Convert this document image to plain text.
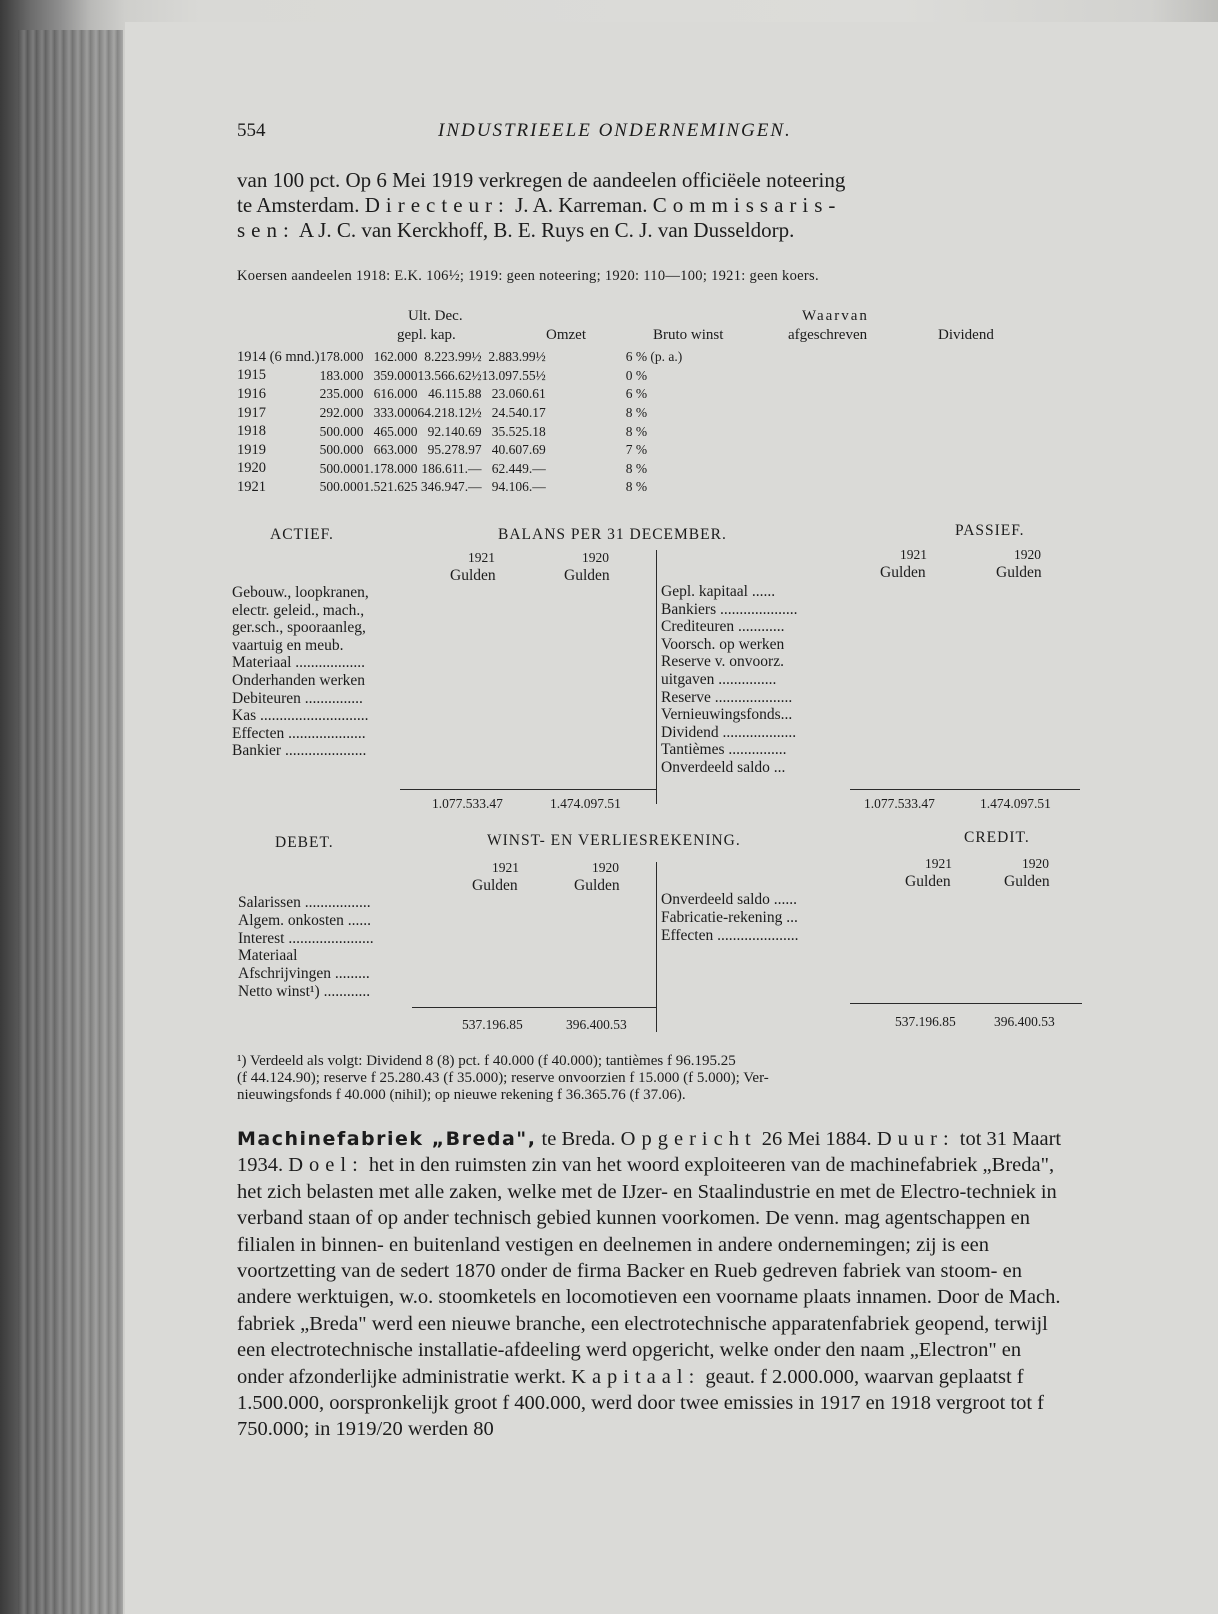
554	INDUSTRIEELE ONDERNEMINGEN.
van 100 pct. Op 6 Mei 1919 verkregen de aandeelen officiëele noteering
te Amsterdam. Directeur: J. A. Karreman. Commissaris-
sen: A J. C. van Kerckhoff, B. E. Ruys en C. J. van Dusseldorp.
Koersen aandeelen 1918: E.K. 106½; 1919: geen noteering; 1920: 110—100; 1921: geen koers.
Ult. Dec.
gepl. kap.	Omzet	Bruto winst
Waarvan
afgeschreven	Dividend
1914 (6 mnd.)	178.000	162.000	8.223.99½	2.883.99½	6 % (p. a.)
1915	183.000	359.000	13.566.62½	13.097.55½	0 %
1916	235.000	616.000	46.115.88	23.060.61	6 %
1917	292.000	333.000	64.218.12½	24.540.17	8 %
1918	500.000	465.000	92.140.69	35.525.18	8 %
1919	500.000	663.000	95.278.97	40.607.69	7 %
1920	500.000	1.178.000	186.611.—	62.449.—	8 %
1921	500.000	1.521.625	346.947.—	94.106.—	8 %
ACTIEF.	BALANS PER 31 DECEMBER.	PASSIEF.
1921	1920
Gulden	Gulden
1921	1920
Gulden	Gulden
Gebouw., loopkranen,
electr. geleid., mach.,
ger.sch., spooraanleg,
vaartuig en meub.
Materiaal ..................
Onderhanden werken
Debiteuren ...............
Kas ............................
Effecten ....................
Bankier .....................
Gepl. kapitaal ......
Bankiers ....................
Crediteuren ............
Voorsch. op werken
Reserve v. onvoorz.
uitgaven ...............
Reserve ....................
Vernieuwingsfonds...
Dividend ...................
Tantièmes ...............
Onverdeeld saldo ...
1.077.533.47	1.474.097.51	1.077.533.47	1.474.097.51
DEBET.	WINST- EN VERLIESREKENING.	CREDIT.
1921	1920
Gulden	Gulden
1921	1920
Gulden	Gulden
Salarissen .................
Algem. onkosten ......
Interest ......................
Materiaal
Afschrijvingen .........
Netto winst¹) ............
Onverdeeld saldo ......
Fabricatie-rekening ...
Effecten .....................
537.196.85	396.400.53	537.196.85	396.400.53
¹) Verdeeld als volgt: Dividend 8 (8) pct. f 40.000 (f 40.000); tantièmes f 96.195.25
(f 44.124.90); reserve f 25.280.43 (f 35.000); reserve onvoorzien f 15.000 (f 5.000); Ver-
nieuwingsfonds f 40.000 (nihil); op nieuwe rekening f 36.365.76 (f 37.06).
Machinefabriek „Breda", te Breda. Opgericht 26 Mei 1884. Duur: tot 31 Maart 1934. Doel: het in den ruimsten zin van het woord exploiteeren van de machinefabriek „Breda", het zich belasten met alle zaken, welke met de IJzer- en Staalindustrie en met de Electro-techniek in verband staan of op ander technisch gebied kunnen voorkomen. De venn. mag agentschappen en filialen in binnen- en buitenland vestigen en deelnemen in andere ondernemingen; zij is een voortzetting van de sedert 1870 onder de firma Backer en Rueb gedreven fabriek van stoom- en andere werktuigen, w.o. stoomketels en locomotieven een voorname plaats innamen. Door de Mach. fabriek „Breda" werd een nieuwe branche, een electrotechnische apparatenfabriek geopend, terwijl een electrotechnische installatie-afdeeling werd opgericht, welke onder den naam „Electron" en onder afzonderlijke administratie werkt. Kapitaal: geaut. f 2.000.000, waarvan geplaatst f 1.500.000, oorspronkelijk groot f 400.000, werd door twee emissies in 1917 en 1918 vergroot tot f 750.000; in 1919/20 werden 80
